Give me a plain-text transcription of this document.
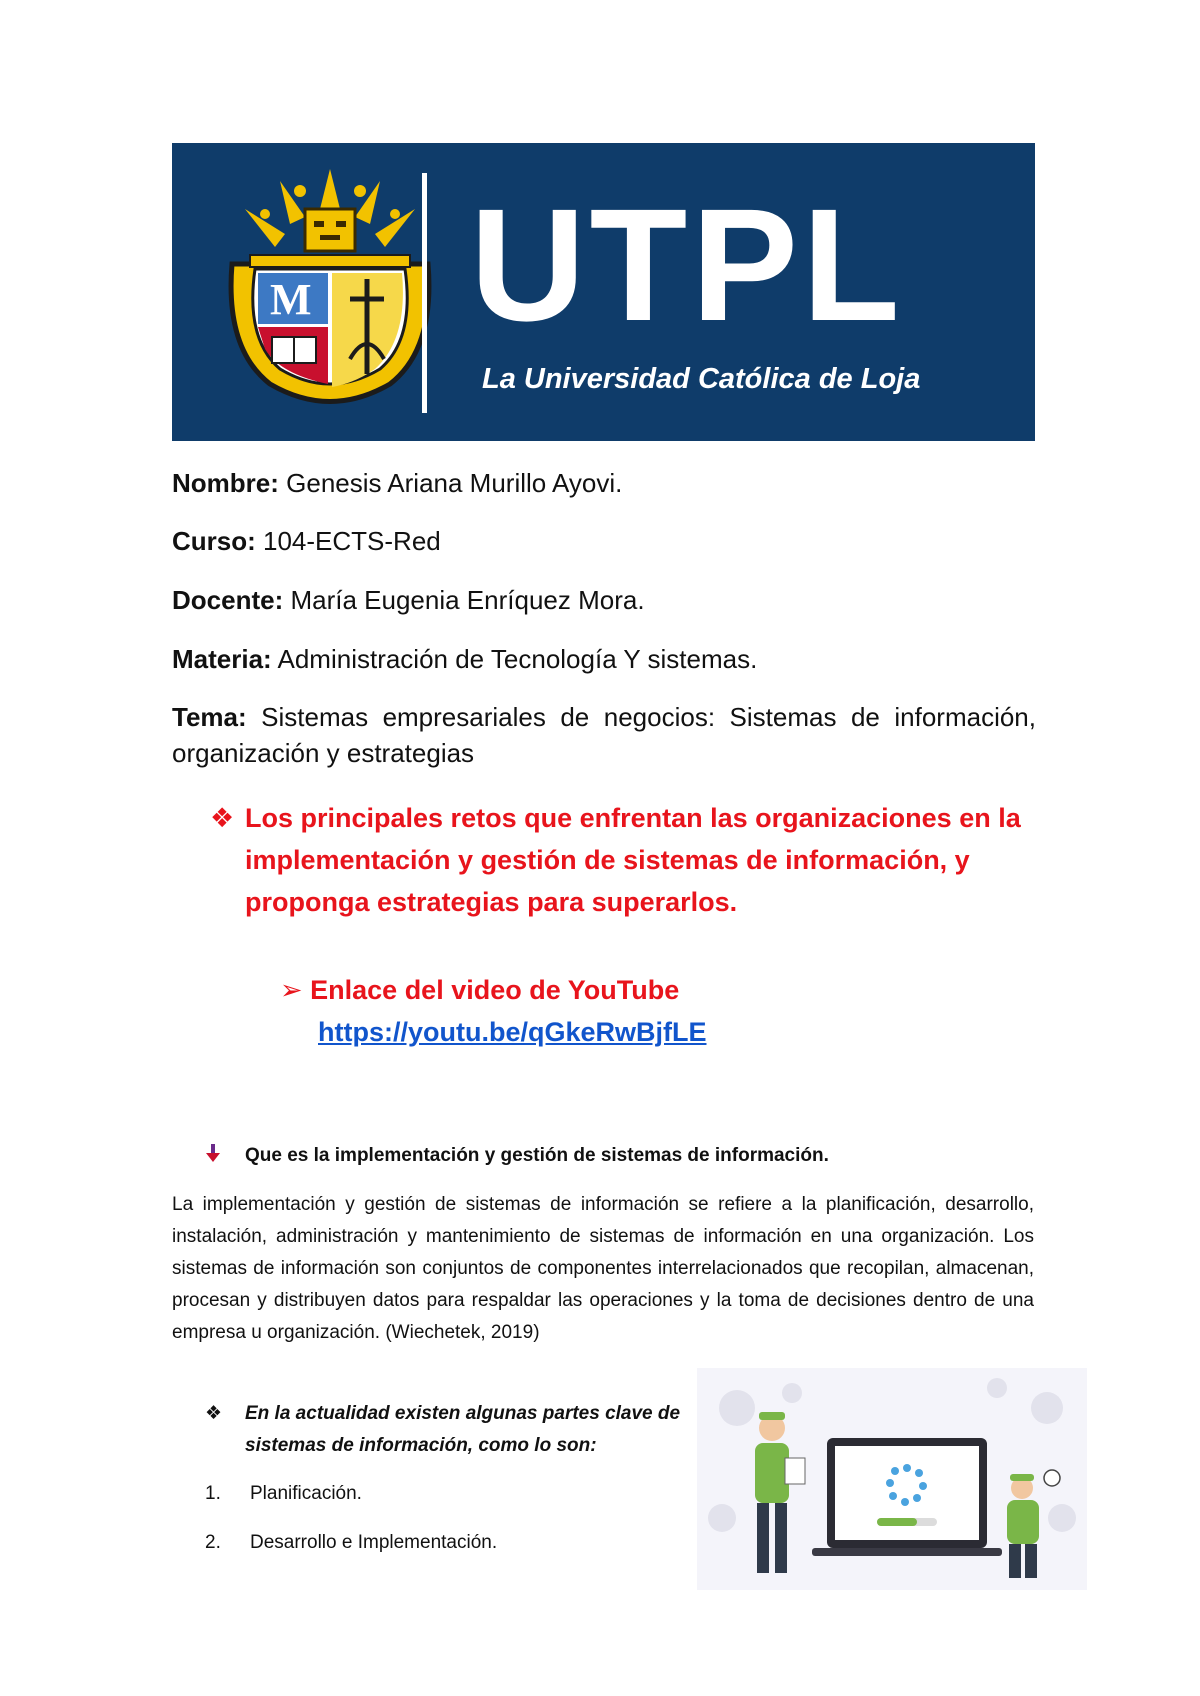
M UTPL
La Universidad Católica de Loja
Nombre: Genesis Ariana Murillo Ayovi.
Curso: 104-ECTS-Red
Docente: María Eugenia Enríquez Mora.
Materia: Administración de Tecnología Y sistemas.
Tema: Sistemas empresariales de negocios: Sistemas de información, organización y estrategias
❖ Los principales retos que enfrentan las organizaciones en la implementación y gestión de sistemas de información, y proponga estrategias para superarlos.
➢ Enlace del video de YouTube
https://youtu.be/qGkeRwBjfLE
Que es la implementación y gestión de sistemas de información.
La implementación y gestión de sistemas de información se refiere a la planificación, desarrollo, instalación, administración y mantenimiento de sistemas de información en una organización. Los sistemas de información son conjuntos de componentes interrelacionados que recopilan, almacenan, procesan y distribuyen datos para respaldar las operaciones y la toma de decisiones dentro de una empresa u organización. (Wiechetek, 2019)
❖ En la actualidad existen algunas partes clave de sistemas de información, como lo son:
1. Planificación.
2. Desarrollo e Implementación.
